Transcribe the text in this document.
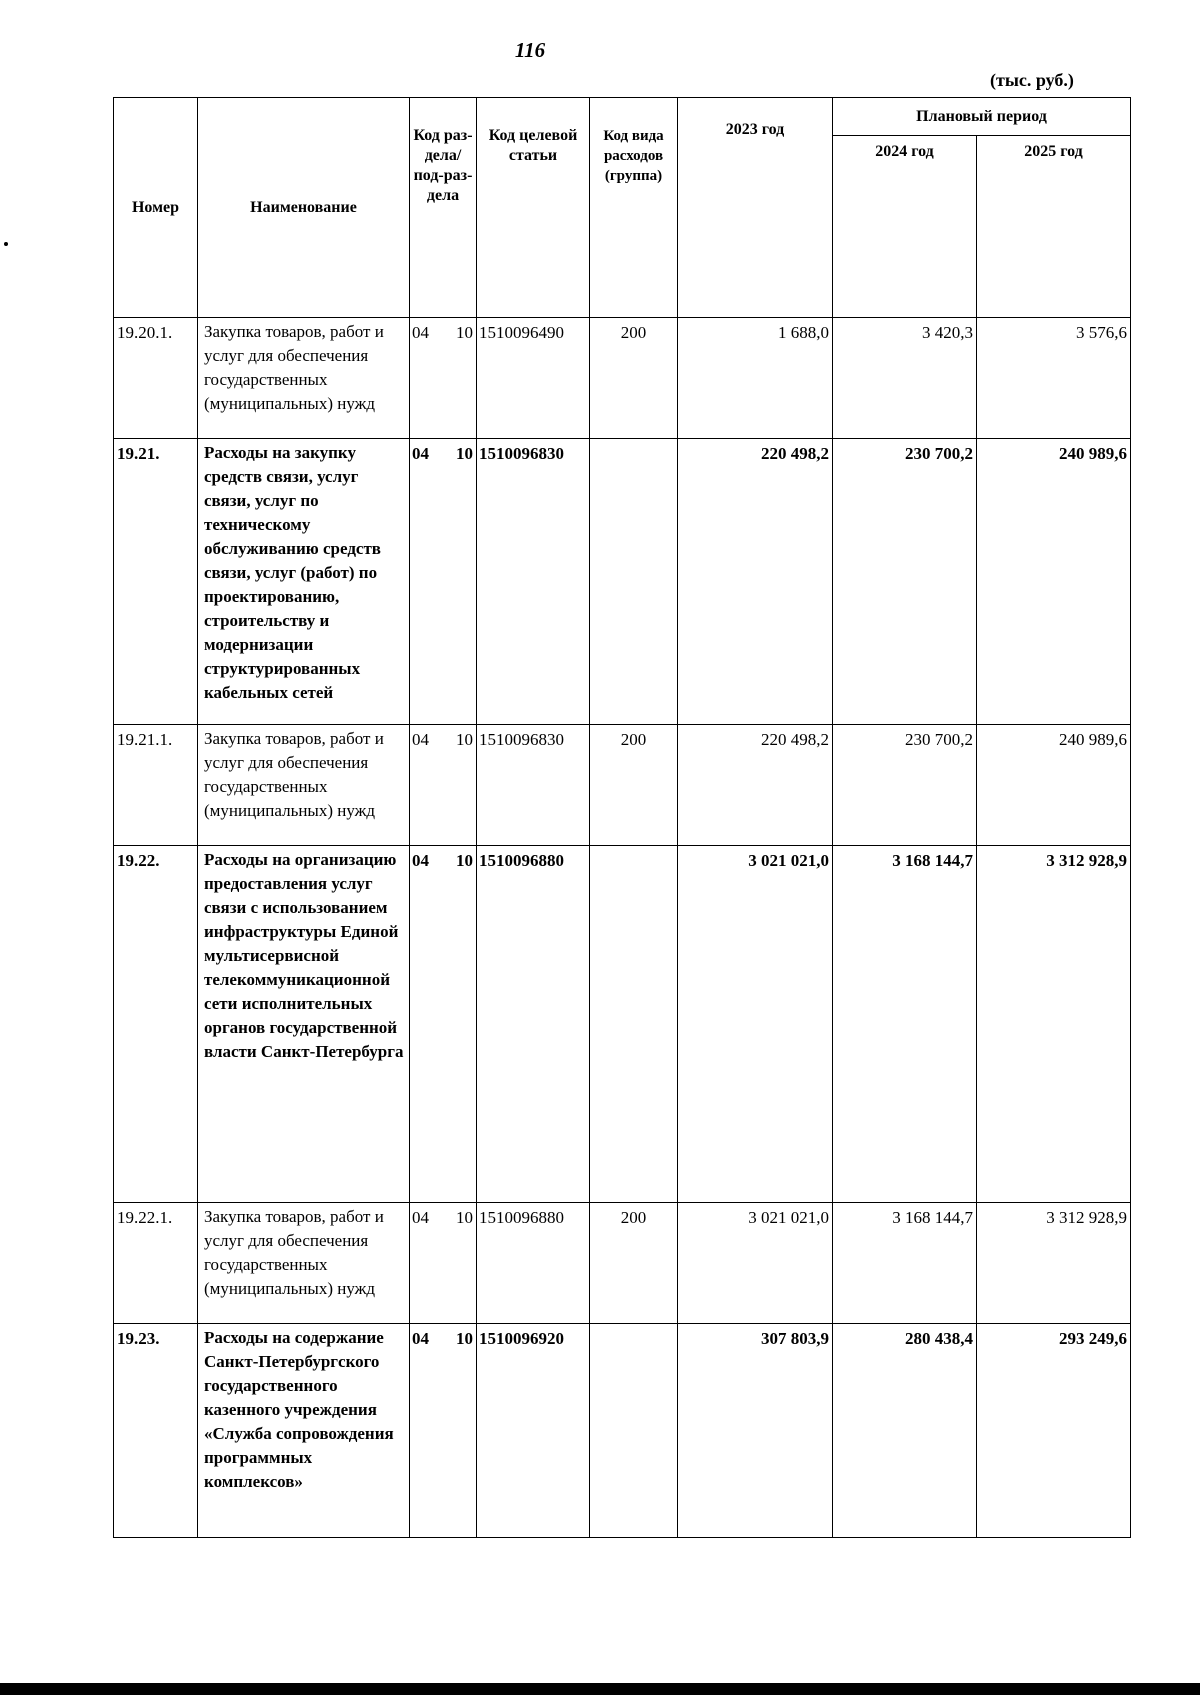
116
(тыс. руб.)
Номер	Наименование	Код раз-дела/ под-раз-дела	Код целевой статьи	Код вида расходов (группа)	2023 год	Плановый период	
						2024 год	2025 год
19.20.1.	Закупка товаров, работ и услуг для обеспечения государственных (муниципальных) нужд	04 10	1510096490	200	1 688,0	3 420,3	3 576,6
19.21.	Расходы на закупку средств связи, услуг связи, услуг по техническому обслуживанию средств связи, услуг (работ) по проектированию, строительству и модернизации структурированных кабельных сетей	04 10	1510096830		220 498,2	230 700,2	240 989,6
19.21.1.	Закупка товаров, работ и услуг для обеспечения государственных (муниципальных) нужд	04 10	1510096830	200	220 498,2	230 700,2	240 989,6
19.22.	Расходы на организацию предоставления услуг связи с использованием инфраструктуры Единой мультисервисной телекоммуникационной сети исполнительных органов государственной власти Санкт-Петербурга	04 10	1510096880		3 021 021,0	3 168 144,7	3 312 928,9
19.22.1.	Закупка товаров, работ и услуг для обеспечения государственных (муниципальных) нужд	04 10	1510096880	200	3 021 021,0	3 168 144,7	3 312 928,9
19.23.	Расходы на содержание Санкт-Петербургского государственного казенного учреждения «Служба сопровождения программных комплексов»	04 10	1510096920		307 803,9	280 438,4	293 249,6
